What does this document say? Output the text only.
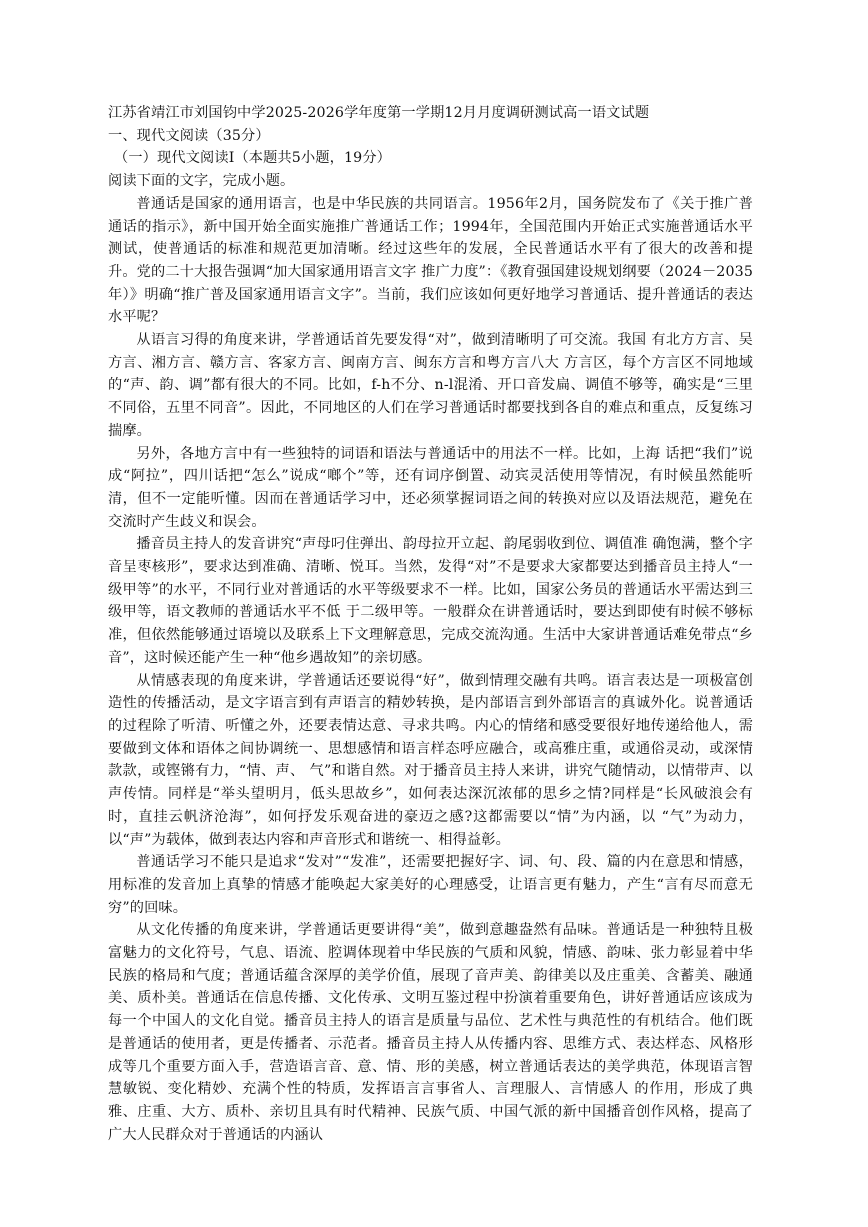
江苏省靖江市刘国钧中学2025-2026学年度第一学期12月月度调研测试高一语文试题

一、现代文阅读（35分）

（一）现代文阅读Ⅰ（本题共5小题，19分）

阅读下面的文字，完成小题。

普通话是国家的通用语言，也是中华民族的共同语言。1956年2月，国务院发布了《关于推广普通话的指示》，新中国开始全面实施推广普通话工作；1994年，全国范围内开始正式实施普通话水平测试，使普通话的标准和规范更加清晰。经过这些年的发展，全民普通话水平有了很大的改善和提升。党的二十大报告强调“加大国家通用语言文字 推广力度”：《教育强国建设规划纲要（2024－2035年）》明确“推广普及国家通用语言文字”。当前，我们应该如何更好地学习普通话、提升普通话的表达水平呢？

从语言习得的角度来讲，学普通话首先要发得“对”，做到清晰明了可交流。我国 有北方方言、吴方言、湘方言、赣方言、客家方言、闽南方言、闽东方言和粤方言八大 方言区，每个方言区不同地域的“声、韵、调”都有很大的不同。比如，f-h不分、n-l混淆、开口音发扁、调值不够等，确实是“三里不同俗，五里不同音”。因此，不同地区的人们在学习普通话时都要找到各自的难点和重点，反复练习揣摩。

另外，各地方言中有一些独特的词语和语法与普通话中的用法不一样。比如，上海 话把“我们”说成“阿拉”，四川话把“怎么”说成“啷个”等，还有词序倒置、动宾灵活使用等情况，有时候虽然能听清，但不一定能听懂。因而在普通话学习中，还必须掌握词语之间的转换对应以及语法规范，避免在交流时产生歧义和误会。

播音员主持人的发音讲究“声母叼住弹出、韵母拉开立起、韵尾弱收到位、调值准 确饱满，整个字音呈枣核形”，要求达到准确、清晰、悦耳。当然，发得“对”不是要求大家都要达到播音员主持人“一级甲等”的水平，不同行业对普通话的水平等级要求不一样。比如，国家公务员的普通话水平需达到三级甲等，语文教师的普通话水平不低 于二级甲等。一般群众在讲普通话时，要达到即使有时候不够标准，但依然能够通过语境以及联系上下文理解意思，完成交流沟通。生活中大家讲普通话难免带点“乡音”，这时候还能产生一种“他乡遇故知”的亲切感。

从情感表现的角度来讲，学普通话还要说得“好”，做到情理交融有共鸣。语言表达是一项极富创造性的传播活动，是文字语言到有声语言的精妙转换，是内部语言到外部语言的真诚外化。说普通话的过程除了听清、听懂之外，还要表情达意、寻求共鸣。内心的情绪和感受要很好地传递给他人，需要做到文体和语体之间协调统一、思想感情和语言样态呼应融合，或高雅庄重，或通俗灵动，或深情款款，或铿锵有力，“情、声、 气”和谐自然。对于播音员主持人来讲，讲究气随情动，以情带声、以声传情。同样是“举头望明月，低头思故乡”，如何表达深沉浓郁的思乡之情?同样是“长风破浪会有时，直挂云帆济沧海”，如何抒发乐观奋进的豪迈之感?这都需要以“情”为内涵，以 “气”为动力，以“声”为载体，做到表达内容和声音形式和谐统一、相得益彰。

普通话学习不能只是追求“发对”“发准”，还需要把握好字、词、句、段、篇的内在意思和情感，用标准的发音加上真挚的情感才能唤起大家美好的心理感受，让语言更有魅力，产生“言有尽而意无穷”的回味。

从文化传播的角度来讲，学普通话更要讲得“美”，做到意趣盎然有品味。普通话是一种独特且极富魅力的文化符号，气息、语流、腔调体现着中华民族的气质和风貌，情感、韵味、张力彰显着中华民族的格局和气度；普通话蕴含深厚的美学价值，展现了音声美、韵律美以及庄重美、含蓄美、融通美、质朴美。普通话在信息传播、文化传承、文明互鉴过程中扮演着重要角色，讲好普通话应该成为每一个中国人的文化自觉。播音员主持人的语言是质量与品位、艺术性与典范性的有机结合。他们既是普通话的使用者，更是传播者、示范者。播音员主持人从传播内容、思维方式、表达样态、风格形成等几个重要方面入手，营造语言音、意、情、形的美感，树立普通话表达的美学典范，体现语言智慧敏锐、变化精妙、充满个性的特质，发挥语言言事省人、言理服人、言情感人 的作用，形成了典雅、庄重、大方、质朴、亲切且具有时代精神、民族气质、中国气派的新中国播音创作风格，提高了广大人民群众对于普通话的内涵认
